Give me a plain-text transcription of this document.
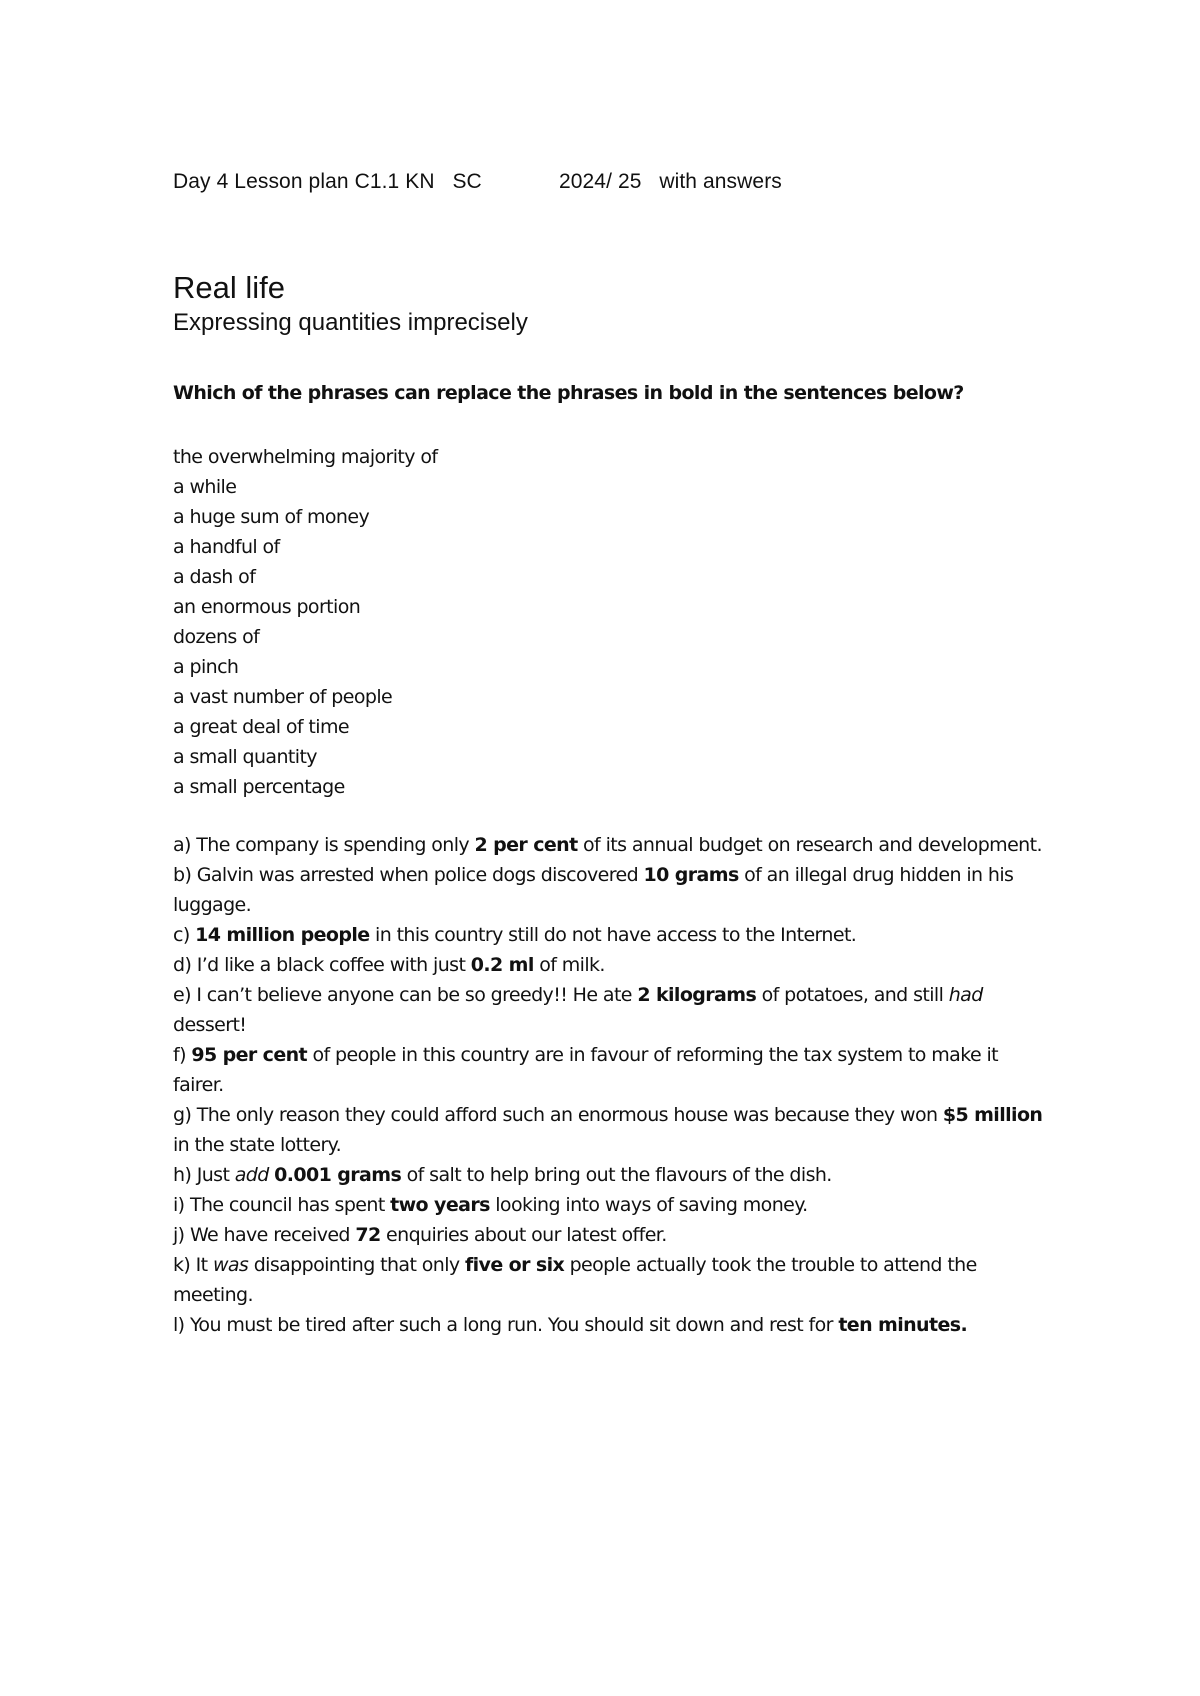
Day 4 Lesson plan C1.1 KN   SC             2024/ 25   with answers
Real life
Expressing quantities imprecisely
Which of the phrases can replace the phrases in bold in the sentences below?
the overwhelming majority of
a while
a huge sum of money
a handful of
a dash of
an enormous portion
dozens of
a pinch
a vast number of people
a great deal of time
a small quantity
a small percentage
a) The company is spending only 2 per cent of its annual budget on research and development.
b) Galvin was arrested when police dogs discovered 10 grams of an illegal drug hidden in his luggage.
c) 14 million people in this country still do not have access to the Internet.
d) I’d like a black coffee with just 0.2 ml of milk.
e) I can’t believe anyone can be so greedy!! He ate 2 kilograms of potatoes, and still had dessert!
f) 95 per cent of people in this country are in favour of reforming the tax system to make it fairer.
g) The only reason they could afford such an enormous house was because they won $5 million in the state lottery.
h) Just add 0.001 grams of salt to help bring out the flavours of the dish.
i) The council has spent two years looking into ways of saving money.
j) We have received 72 enquiries about our latest offer.
k) It was disappointing that only five or six people actually took the trouble to attend the meeting.
l) You must be tired after such a long run. You should sit down and rest for ten minutes.
